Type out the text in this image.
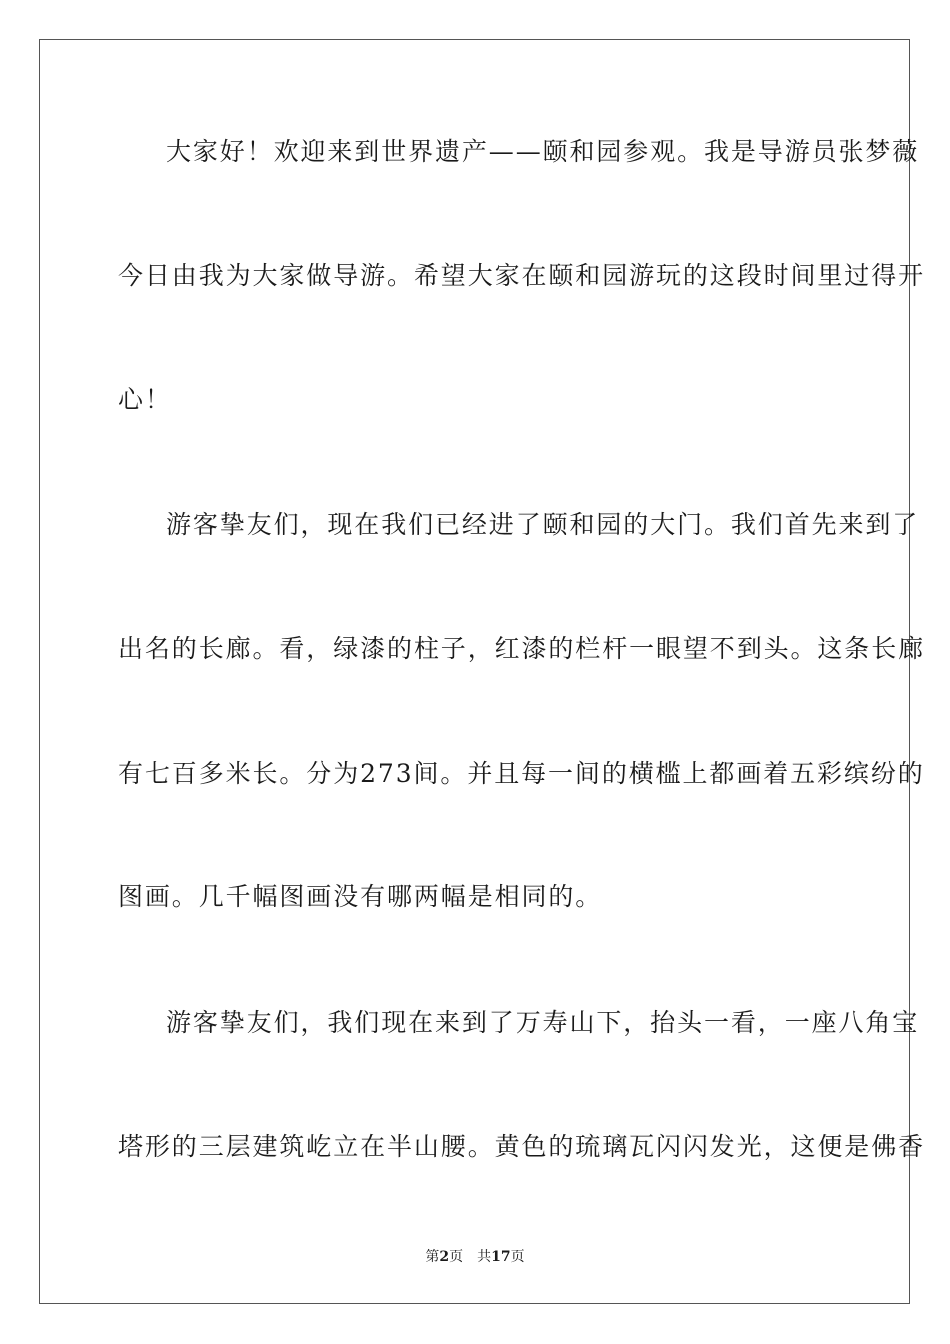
大家好！欢迎来到世界遗产——颐和园参观。我是导游员张梦薇
今日由我为大家做导游。希望大家在颐和园游玩的这段时间里过得开
心！
游客挚友们，现在我们已经进了颐和园的大门。我们首先来到了
出名的长廊。看，绿漆的柱子，红漆的栏杆一眼望不到头。这条长廊
有七百多米长。分为273间。并且每一间的横槛上都画着五彩缤纷的
图画。几千幅图画没有哪两幅是相同的。
游客挚友们，我们现在来到了万寿山下，抬头一看，一座八角宝
塔形的三层建筑屹立在半山腰。黄色的琉璃瓦闪闪发光，这便是佛香
第2页 共17页
